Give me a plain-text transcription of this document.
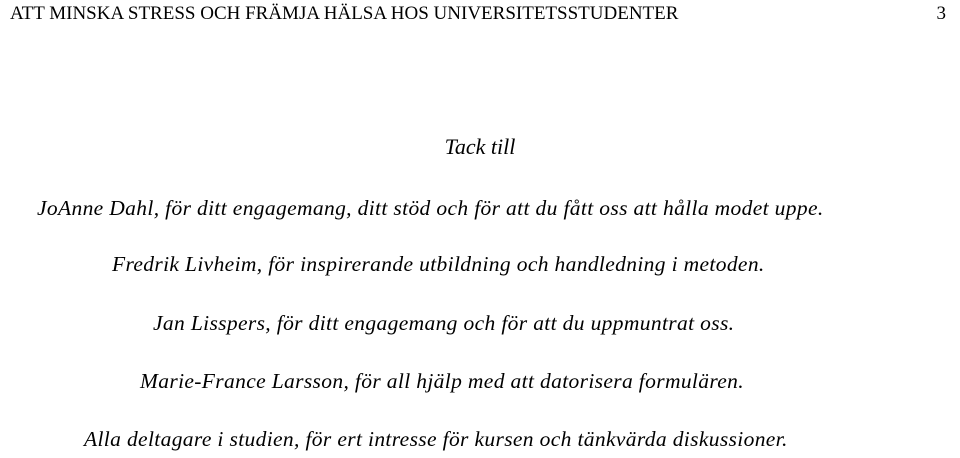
ATT MINSKA STRESS OCH FRÄMJA HÄLSA HOS UNIVERSITETSSTUDENTER	3
Tack till
JoAnne Dahl, för ditt engagemang, ditt stöd och för att du fått oss att hålla modet uppe.
Fredrik Livheim, för inspirerande utbildning och handledning i metoden.
Jan Lisspers, för ditt engagemang och för att du uppmuntrat oss.
Marie-France Larsson, för all hjälp med att datorisera formulären.
Alla deltagare i studien, för ert intresse för kursen och tänkvärda diskussioner.
